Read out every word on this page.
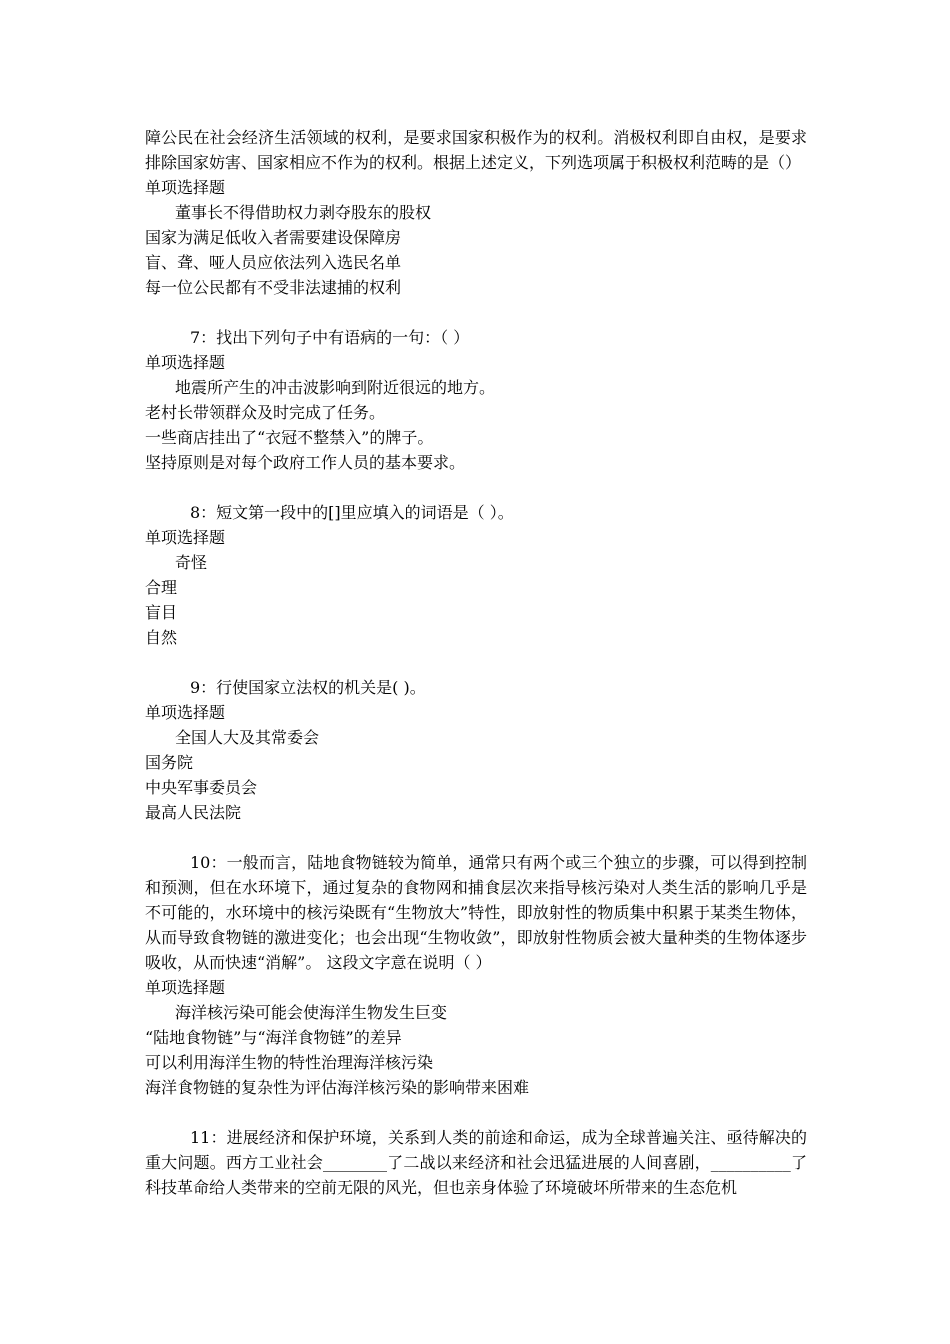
障公民在社会经济生活领域的权利，是要求国家积极作为的权利。消极权利即自由权，是要求排除国家妨害、国家相应不作为的权利。根据上述定义，下列选项属于积极权利范畴的是（）

单项选择题
董事长不得借助权力剥夺股东的股权
国家为满足低收入者需要建设保障房
盲、聋、哑人员应依法列入选民名单
每一位公民都有不受非法逮捕的权利
7：找出下列句子中有语病的一句：（ ）
单项选择题
地震所产生的冲击波影响到附近很远的地方。
老村长带领群众及时完成了任务。
一些商店挂出了“衣冠不整禁入”的牌子。
坚持原则是对每个政府工作人员的基本要求。
8：短文第一段中的[]里应填入的词语是（ ）。
单项选择题
奇怪
合理
盲目
自然
9：行使国家立法权的机关是( )。
单项选择题
全国人大及其常委会
国务院
中央军事委员会
最高人民法院

10：一般而言，陆地食物链较为简单，通常只有两个或三个独立的步骤，可以得到控制和预测，但在水环境下，通过复杂的食物网和捕食层次来指导核污染对人类生活的影响几乎是不可能的，水环境中的核污染既有“生物放大”特性，即放射性的物质集中积累于某类生物体，从而导致食物链的激进变化；也会出现“生物收敛”，即放射性物质会被大量种类的生物体逐步吸收，从而快速“消解”。 这段文字意在说明（ ）

单项选择题
海洋核污染可能会使海洋生物发生巨变
“陆地食物链”与“海洋食物链”的差异
可以利用海洋生物的特性治理海洋核污染
海洋食物链的复杂性为评估海洋核污染的影响带来困难

11：进展经济和保护环境，关系到人类的前途和命运，成为全球普遍关注、亟待解决的重大问题。西方工业社会________了二战以来经济和社会迅猛进展的人间喜剧，__________了科技革命给人类带来的空前无限的风光，但也亲身体验了环境破坏所带来的生态危机
